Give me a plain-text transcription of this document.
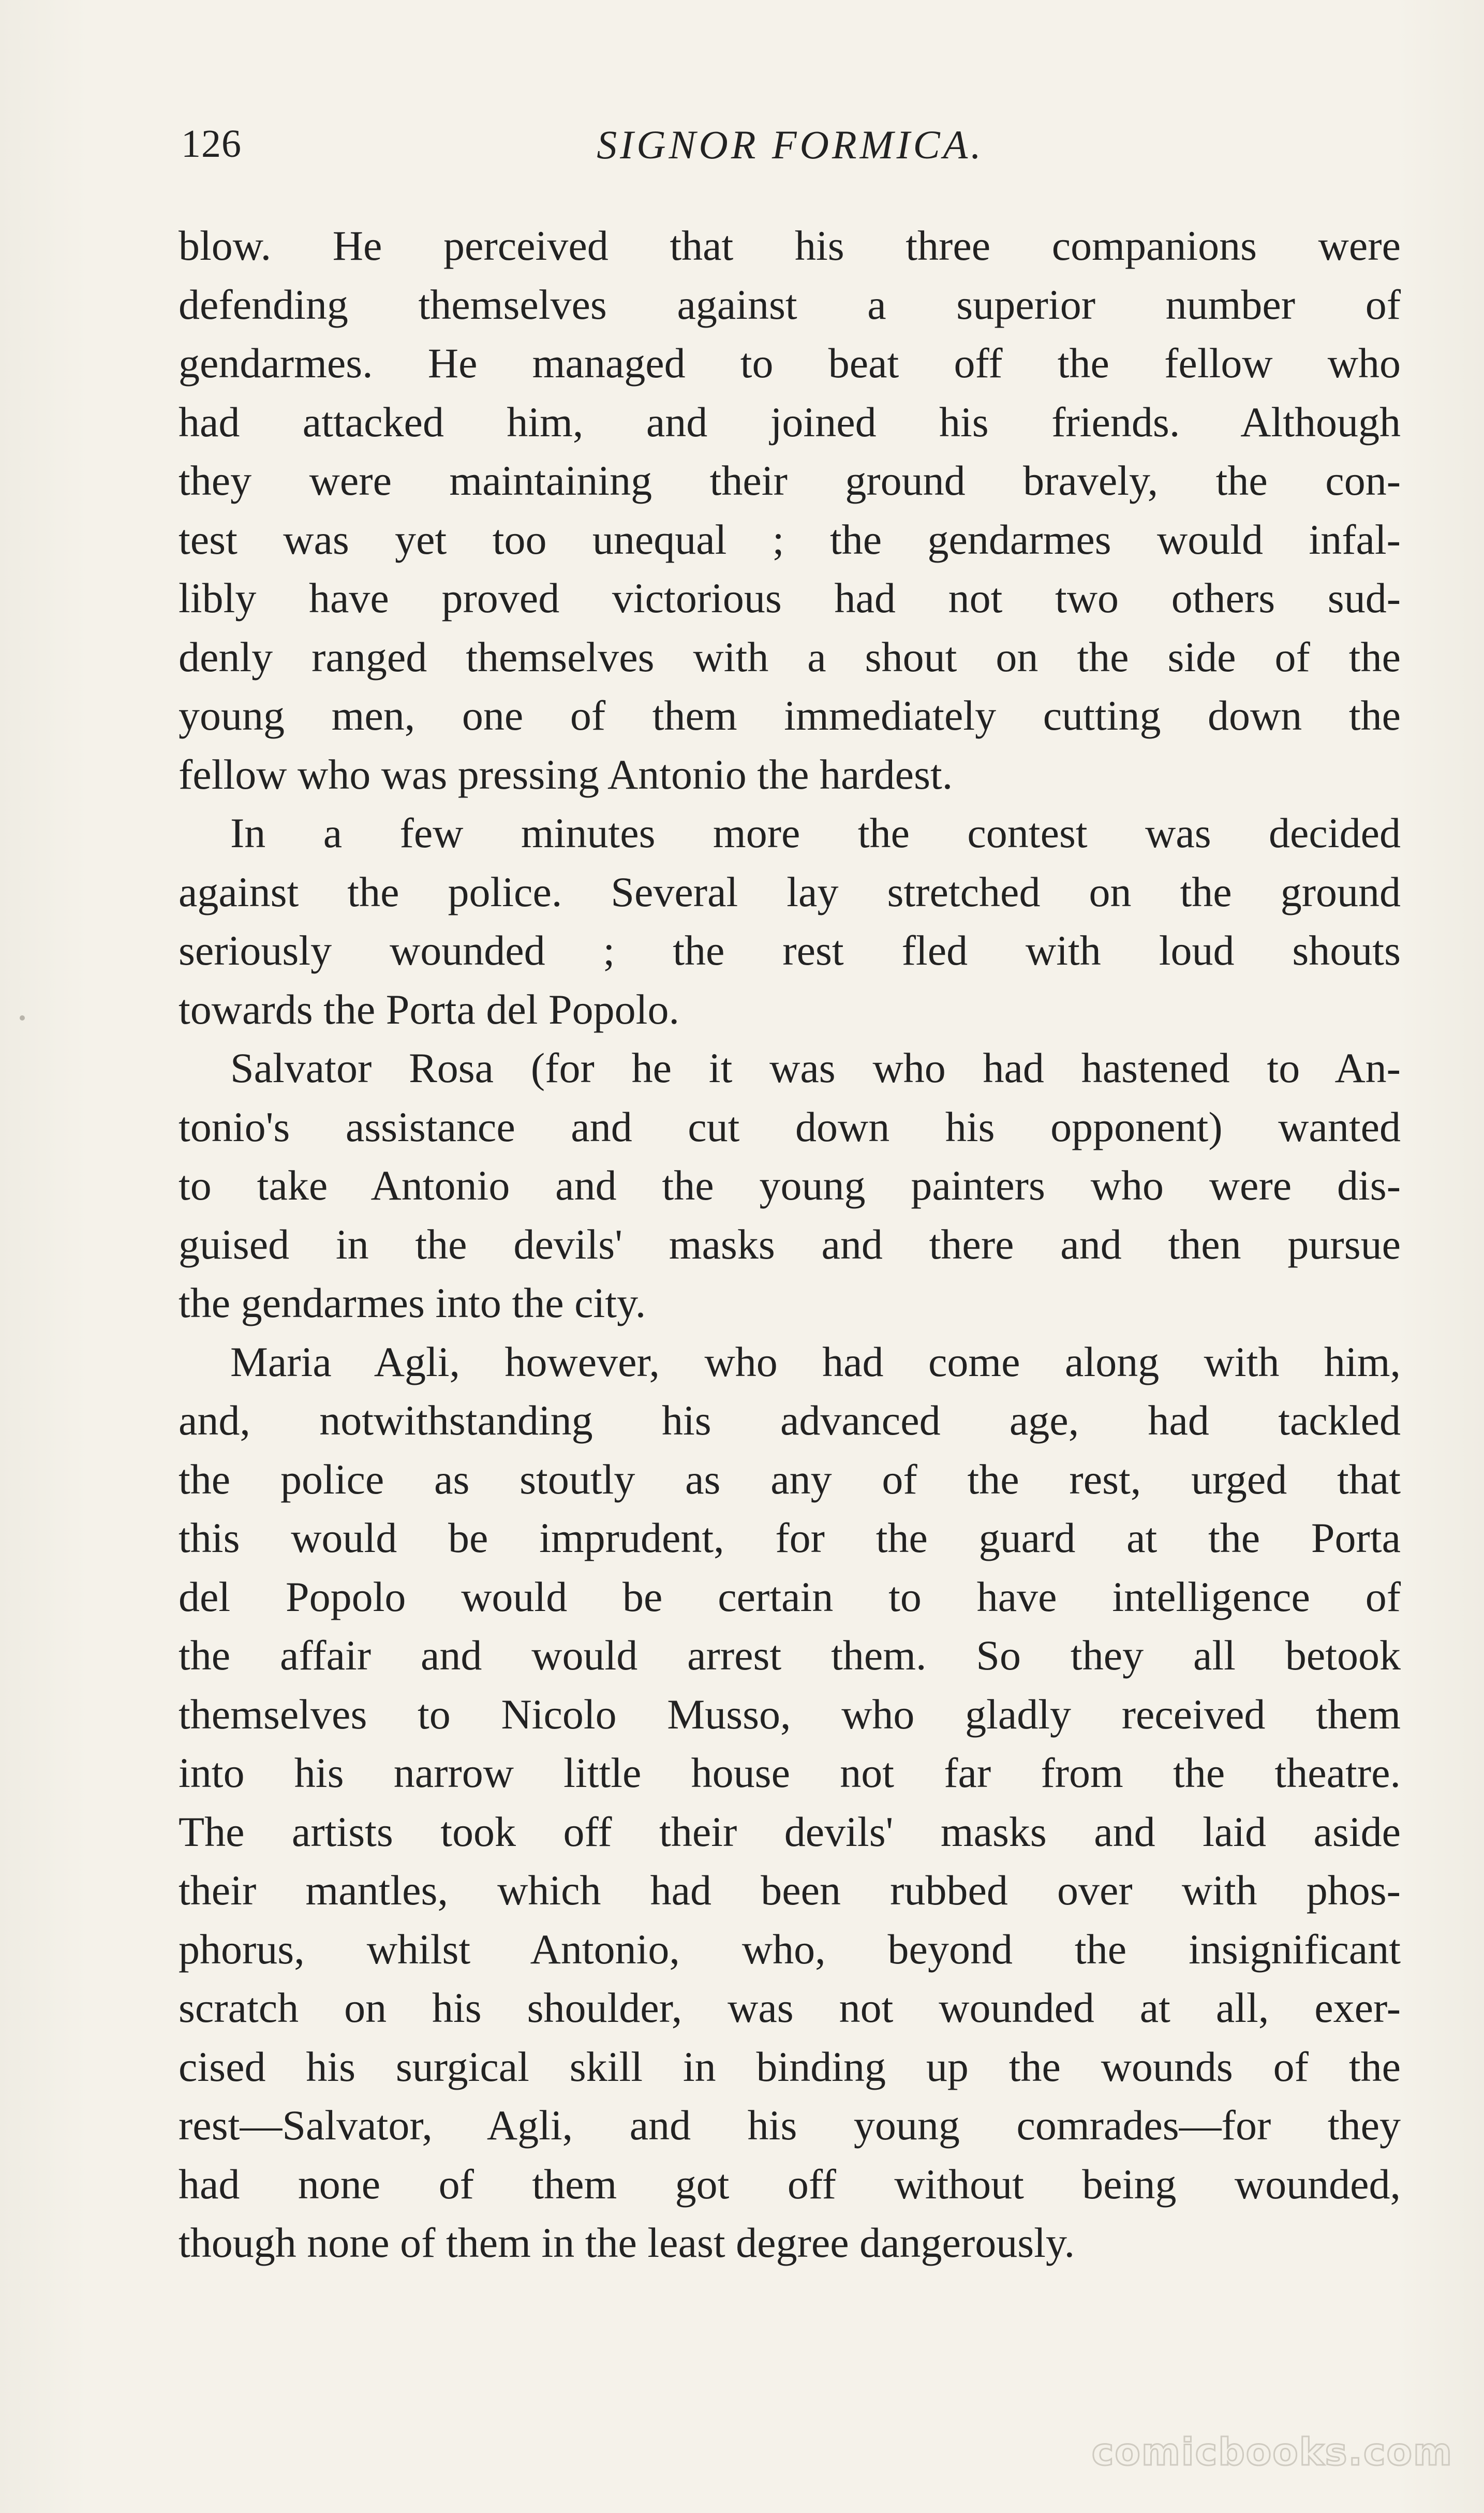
126	SIGNOR FORMICA.

blow. He perceived that his three companions were

defending themselves against a superior number of

gendarmes. He managed to beat off the fellow who

had attacked him, and joined his friends. Although

they were maintaining their ground bravely, the con-

test was yet too unequal ; the gendarmes would infal-

libly have proved victorious had not two others sud-

denly ranged themselves with a shout on the side of the

young men, one of them immediately cutting down the

fellow who was pressing Antonio the hardest.

In a few minutes more the contest was decided

against the police. Several lay stretched on the ground

seriously wounded ; the rest fled with loud shouts

towards the Porta del Popolo.

Salvator Rosa (for he it was who had hastened to An-

tonio's assistance and cut down his opponent) wanted

to take Antonio and the young painters who were dis-

guised in the devils' masks and there and then pursue

the gendarmes into the city.

Maria Agli, however, who had come along with him,

and, notwithstanding his advanced age, had tackled

the police as stoutly as any of the rest, urged that

this would be imprudent, for the guard at the Porta

del Popolo would be certain to have intelligence of

the affair and would arrest them. So they all betook

themselves to Nicolo Musso, who gladly received them

into his narrow little house not far from the theatre.

The artists took off their devils' masks and laid aside

their mantles, which had been rubbed over with phos-

phorus, whilst Antonio, who, beyond the insignificant

scratch on his shoulder, was not wounded at all, exer-

cised his surgical skill in binding up the wounds of the

rest—Salvator, Agli, and his young comrades—for they

had none of them got off without being wounded,

though none of them in the least degree dangerously.

comicbooks.com
